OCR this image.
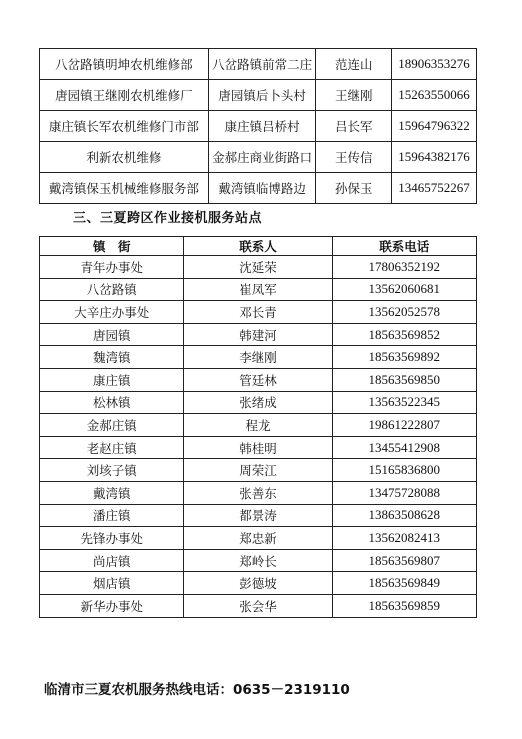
八岔路镇明坤农机维修部	八岔路镇前常二庄	范连山	18906353276
唐园镇王继刚农机维修厂	唐园镇后卜头村	王继刚	15263550066
康庄镇长军农机维修门市部	康庄镇吕桥村	吕长军	15964796322
利新农机维修	金郝庄商业街路口	王传信	15964382176
戴湾镇保玉机械维修服务部	戴湾镇临博路边	孙保玉	13465752267
三、三夏跨区作业接机服务站点
镇　街	联系人	联系电话
青年办事处	沈延荣	17806352192
八岔路镇	崔凤军	13562060681
大辛庄办事处	邓长青	13562052578
唐园镇	韩建河	18563569852
魏湾镇	李继刚	18563569892
康庄镇	管廷林	18563569850
松林镇	张绪成	13563522345
金郝庄镇	程龙	19861222807
老赵庄镇	韩桂明	13455412908
刘垓子镇	周荣江	15165836800
戴湾镇	张善东	13475728088
潘庄镇	都景涛	13863508628
先锋办事处	郑忠新	13562082413
尚店镇	郑岭长	18563569807
烟店镇	彭德坡	18563569849
新华办事处	张会华	18563569859
临清市三夏农机服务热线电话：0635－2319110
